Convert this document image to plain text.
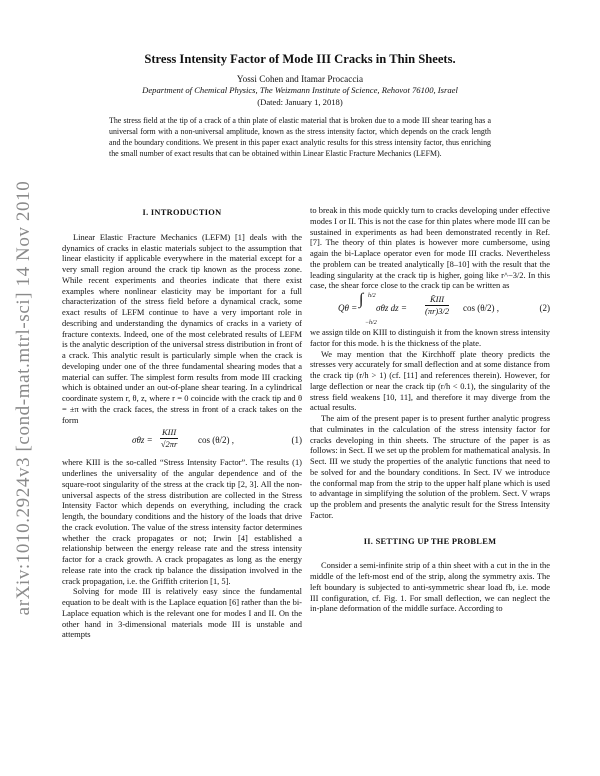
arXiv:1010.2924v3 [cond-mat.mtrl-sci] 14 Nov 2010
Stress Intensity Factor of Mode III Cracks in Thin Sheets.
Yossi Cohen and Itamar Procaccia
Department of Chemical Physics, The Weizmann Institute of Science, Rehovot 76100, Israel
(Dated: January 1, 2018)
The stress field at the tip of a crack of a thin plate of elastic material that is broken due to a mode III shear tearing has a universal form with a non-universal amplitude, known as the stress intensity factor, which depends on the crack length and the boundary conditions. We present in this paper exact analytic results for this stress intensity factor, thus enriching the small number of exact results that can be obtained within Linear Elastic Fracture Mechanics (LEFM).
I. INTRODUCTION

Linear Elastic Fracture Mechanics (LEFM) [1] deals with the dynamics of cracks in elastic materials subject to the assumption that linear elasticity if applicable everywhere in the material except for a very small region around the crack tip known as the process zone. While recent experiments and theories indicate that there exist examples where nonlinear elasticity may be important for a full characterization of the stress field before a dynamical crack, some exact results of LEFM continue to have a very important role in describing and understanding the dynamics of cracks in a variety of fracture contexts. Indeed, one of the most celebrated results of LEFM is the analytic description of the universal stress distribution in front of a crack. This analytic result is particularly simple when the crack is developing under one of the three fundamental shearing modes that a material can suffer. The simplest form results from mode III cracking which is obtained under an out-of-plane shear tearing. In a cylindrical coordinate system r, θ, z, where r = 0 coincide with the crack tip and θ = ±π with the crack faces, the stress in front of a crack takes on the form

σθz =
KIII
√2πr cos (θ/2) ,	(1)

where KIII is the so-called “Stress Intensity Factor”. The results (1) underlines the universality of the angular dependence and of the square-root singularity of the stress at the crack tip [2, 3]. All the non-universal aspects of the stress distribution are collected in the Stress Intensity Factor which depends on everything, including the crack length, the boundary conditions and the history of the loads that drive the crack evolution. The value of the stress intensity factor determines whether the crack propagates or not; Irwin [4] established a relationship between the energy release rate and the stress intensity factor for a crack growth. A crack propagates as long as the energy release rate into the crack tip balance the dissipation involved in the crack propagation, i.e. the Griffith criterion [1, 5].

Solving for mode III is relatively easy since the fundamental equation to be dealt with is the Laplace equation [6] rather than the bi-Laplace equation which is the relevant one for modes I and II. On the other hand in 3-dimensional materials mode III is unstable and attempts

to break in this mode quickly turn to cracks developing under effective modes I or II. This is not the case for thin plates where mode III can be sustained in experiments as had been demonstrated recently in Ref. [7]. The theory of thin plates is however more cumbersome, using again the bi-Laplace operator even for mode III cracks. Nevertheless the problem can be treated analytically [8–10] with the result that the leading singularity at the crack tip is higher, going like r^−3/2. In this case, the shear force close to the crack tip can be written as

Qθ = ∫ h/2
−h/2
σθz dz =
K̃III
(πr)3/2 cos (θ/2) ,	(2)

we assign tilde on KIII to distinguish it from the known stress intensity factor for this mode. h is the thickness of the plate.

We may mention that the Kirchhoff plate theory predicts the stresses very accurately for small deflection and at some distance from the crack tip (r/h > 1) (cf. [11] and references therein). However, for large deflection or near the crack tip (r/h < 0.1), the singularity of the stress field weakens [10, 11], and therefore it may diverge from the actual results.

The aim of the present paper is to present further analytic progress that culminates in the calculation of the stress intensity factor for cracks developing in thin sheets. The structure of the paper is as follows: in Sect. II we set up the problem for mathematical analysis. In Sect. III we study the properties of the analytic functions that need to be solved for and the boundary conditions. In Sect. IV we introduce the conformal map from the strip to the upper half plane which is used to advantage in simplifying the solution of the problem. Sect. V wraps up the problem and presents the analytic result for the Stress Intensity Factor.

II. SETTING UP THE PROBLEM

Consider a semi-infinite strip of a thin sheet with a cut in the in the middle of the left-most end of the strip, along the symmetry axis. The left boundary is subjected to anti-symmetric shear load fb, i.e. mode III configuration, cf. Fig. 1. For small deflection, we can neglect the in-plane deformation of the middle surface. According to
